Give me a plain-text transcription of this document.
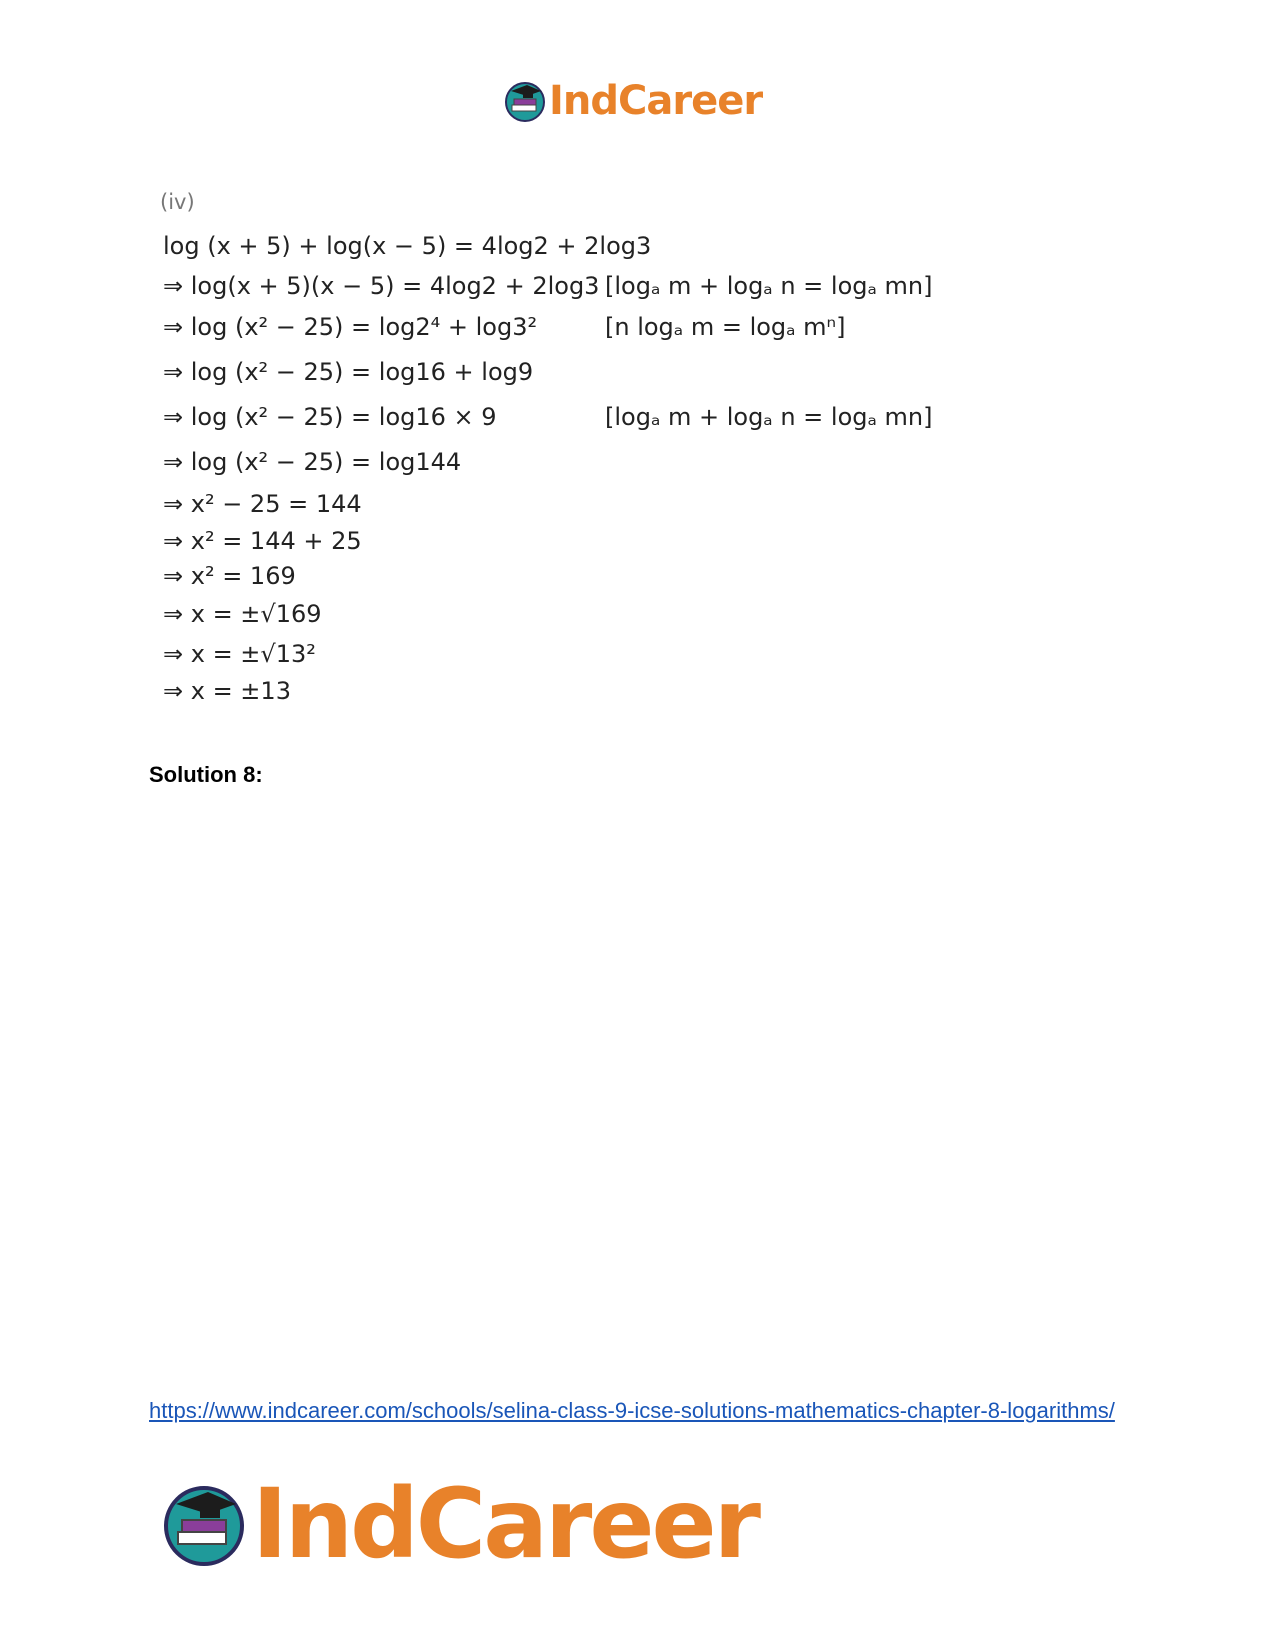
IndCareer
(iv)
log (x + 5) + log(x − 5) = 4log2 + 2log3
⇒ log(x + 5)(x − 5) = 4log2 + 2log3 [logₐ m + logₐ n = logₐ mn]
⇒ log (x² − 25) = log2⁴ + log3²	[n logₐ m = logₐ mⁿ]
⇒ log (x² − 25) = log16 + log9
⇒ log (x² − 25) = log16 × 9	[logₐ m + logₐ n = logₐ mn]
⇒ log (x² − 25) = log144
⇒ x² − 25 = 144
⇒ x² = 144 + 25
⇒ x² = 169
⇒ x = ±√169
⇒ x = ±√13²
⇒ x = ±13
Solution 8:
https://www.indcareer.com/schools/selina-class-9-icse-solutions-mathematics-chapter-8-logarithms/
IndCareer
